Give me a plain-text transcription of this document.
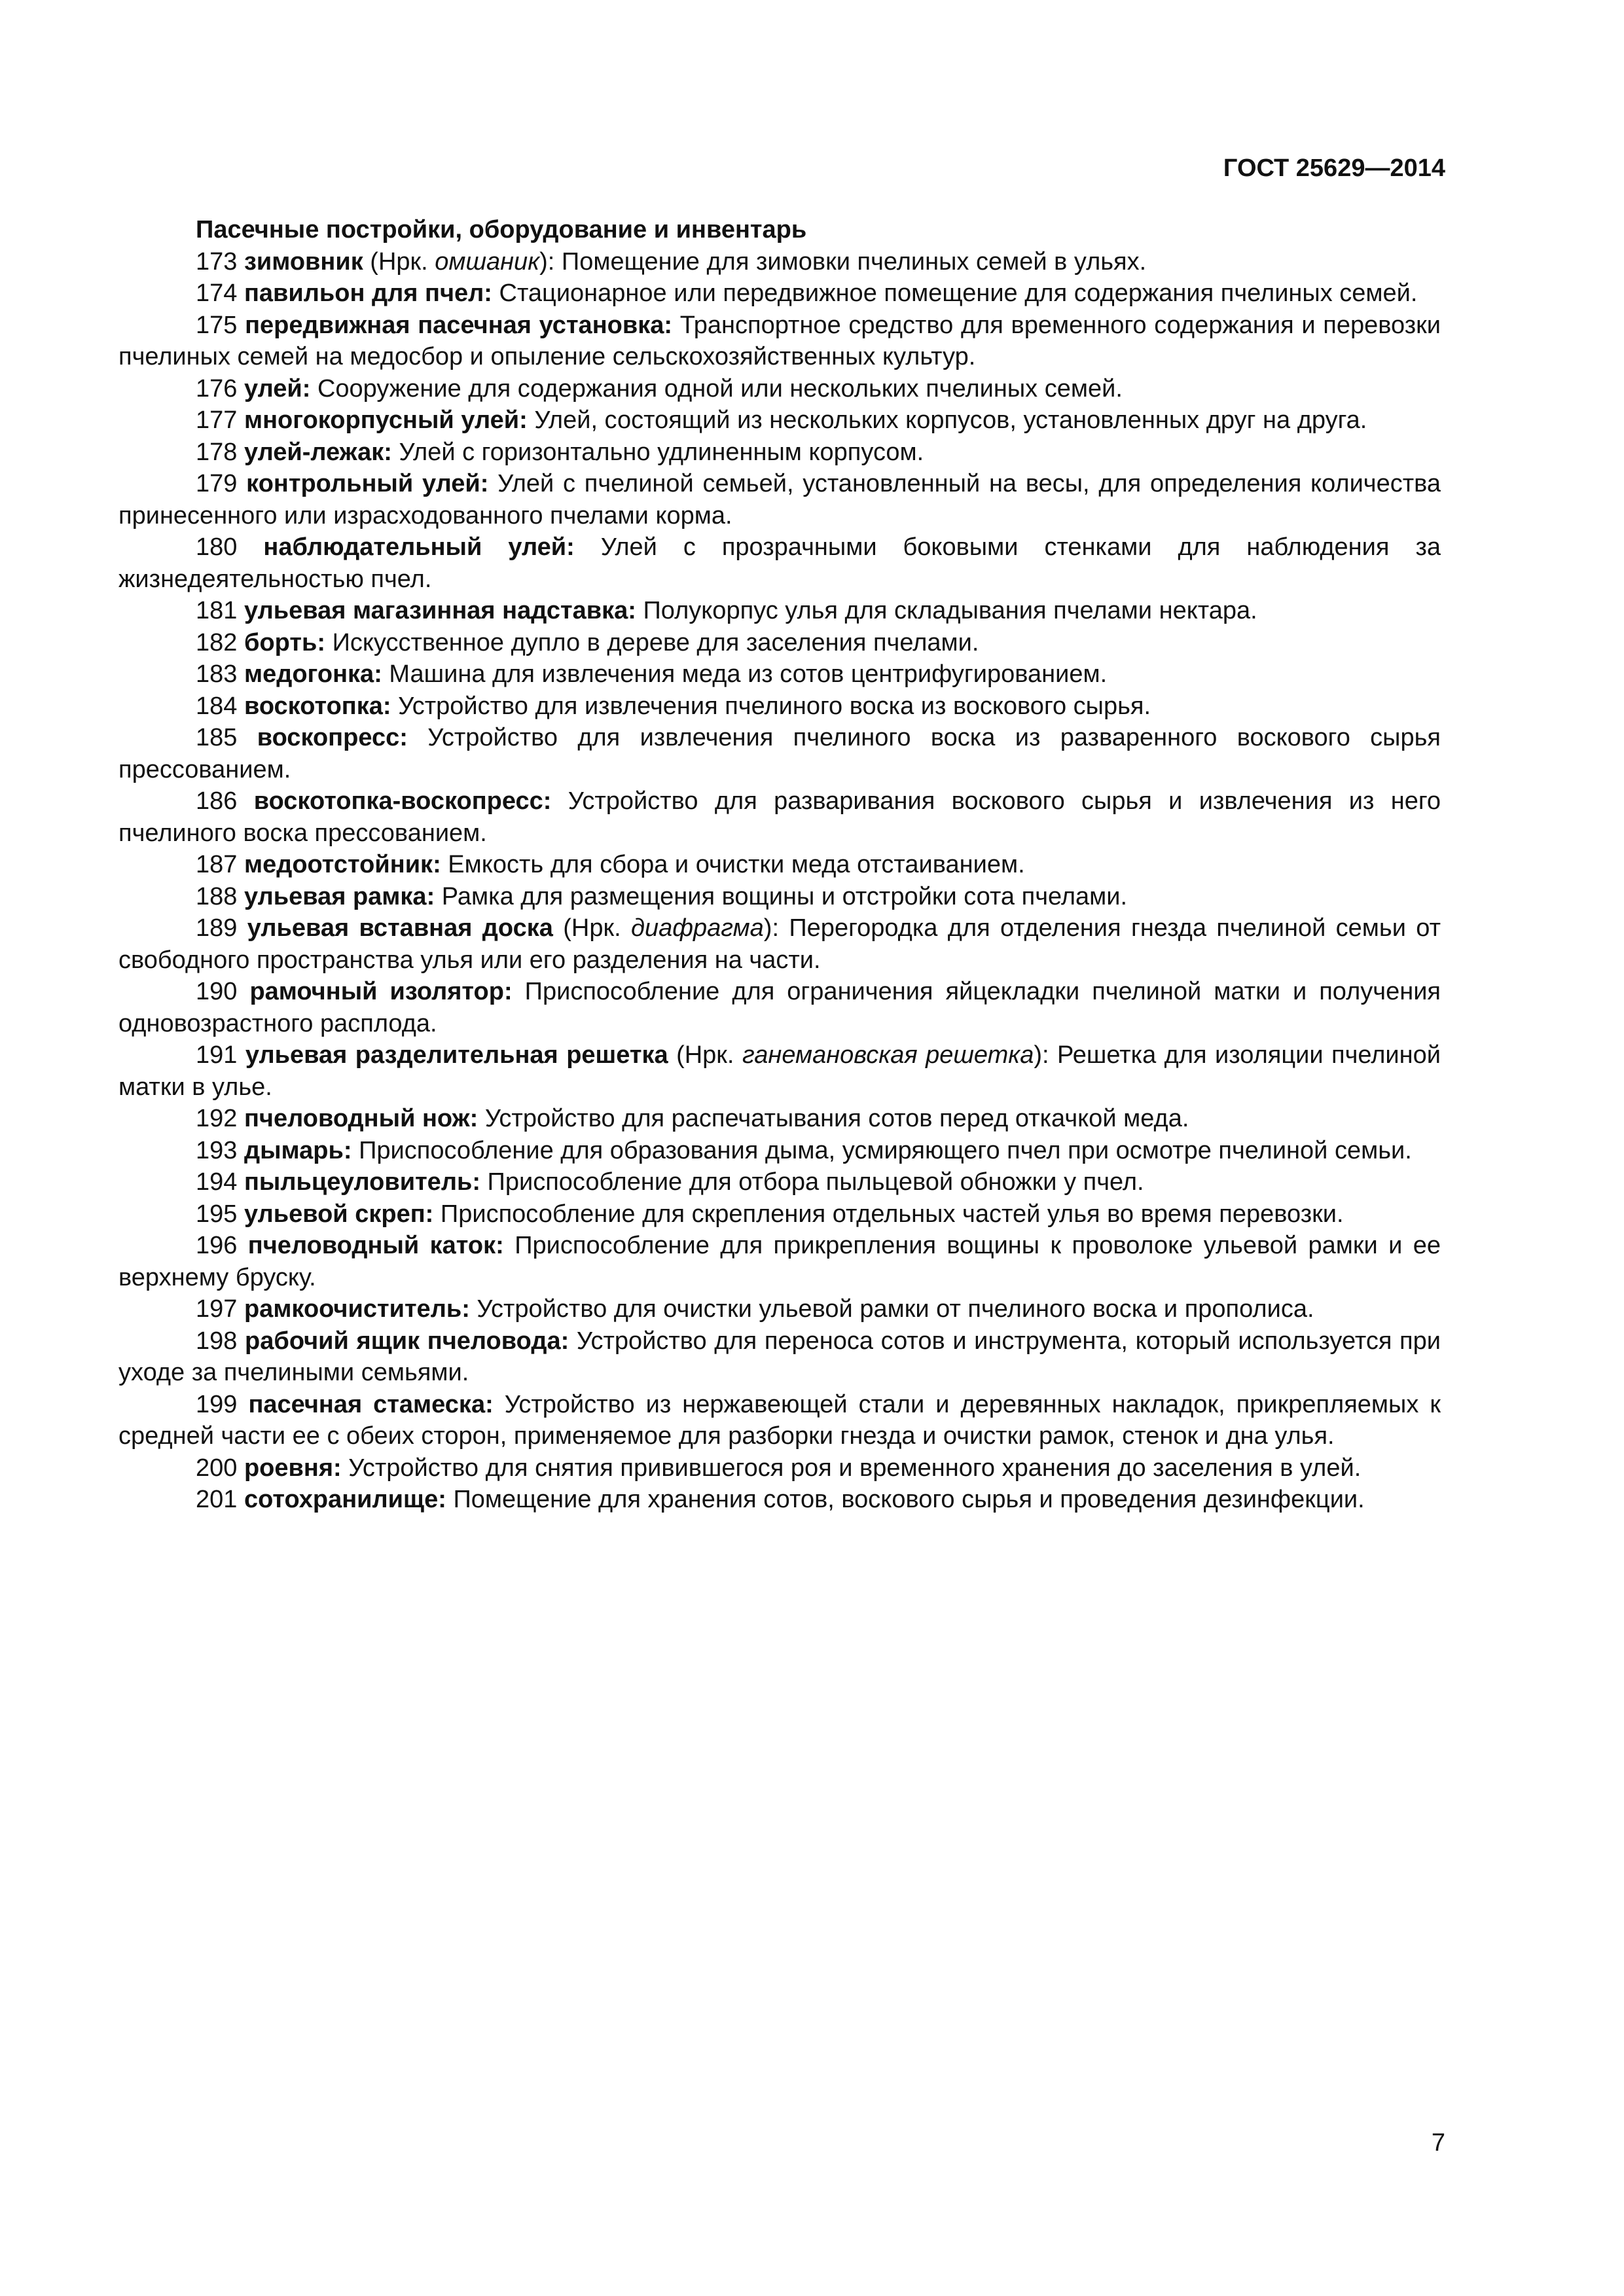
ГОСТ 25629—2014

Пасечные постройки, оборудование и инвентарь

173 зимовник (Нрк. омшаник): Помещение для зимовки пчелиных семей в ульях.

174 павильон для пчел: Стационарное или передвижное помещение для содержания пчелиных семей.

175 передвижная пасечная установка: Транспортное средство для временного содержания и перевозки пчелиных семей на медосбор и опыление сельскохозяйственных культур.

176 улей: Сооружение для содержания одной или нескольких пчелиных семей.

177 многокорпусный улей: Улей, состоящий из нескольких корпусов, установленных друг на друга.

178 улей-лежак: Улей с горизонтально удлиненным корпусом.

179 контрольный улей: Улей с пчелиной семьей, установленный на весы, для определения количества принесенного или израсходованного пчелами корма.

180 наблюдательный улей: Улей с прозрачными боковыми стенками для наблюдения за жизнедеятельностью пчел.

181 ульевая магазинная надставка: Полукорпус улья для складывания пчелами нектара.

182 борть: Искусственное дупло в дереве для заселения пчелами.

183 медогонка: Машина для извлечения меда из сотов центрифугированием.

184 воскотопка: Устройство для извлечения пчелиного воска из воскового сырья.

185 воскопресс: Устройство для извлечения пчелиного воска из разваренного воскового сырья прессованием.

186 воскотопка-воскопресс: Устройство для разваривания воскового сырья и извлечения из него пчелиного воска прессованием.

187 медоотстойник: Емкость для сбора и очистки меда отстаиванием.

188 ульевая рамка: Рамка для размещения вощины и отстройки сота пчелами.

189 ульевая вставная доска (Нрк. диафрагма): Перегородка для отделения гнезда пчелиной семьи от свободного пространства улья или его разделения на части.

190 рамочный изолятор: Приспособление для ограничения яйцекладки пчелиной матки и получения одновозрастного расплода.

191 ульевая разделительная решетка (Нрк. ганемановская решетка): Решетка для изоляции пчелиной матки в улье.

192 пчеловодный нож: Устройство для распечатывания сотов перед откачкой меда.

193 дымарь: Приспособление для образования дыма, усмиряющего пчел при осмотре пчелиной семьи.

194 пыльцеуловитель: Приспособление для отбора пыльцевой обножки у пчел.

195 ульевой скреп: Приспособление для скрепления отдельных частей улья во время перевозки.

196 пчеловодный каток: Приспособление для прикрепления вощины к проволоке ульевой рамки и ее верхнему бруску.

197 рамкоочиститель: Устройство для очистки ульевой рамки от пчелиного воска и прополиса.

198 рабочий ящик пчеловода: Устройство для переноса сотов и инструмента, который используется при уходе за пчелиными семьями.

199 пасечная стамеска: Устройство из нержавеющей стали и деревянных накладок, прикрепляемых к средней части ее с обеих сторон, применяемое для разборки гнезда и очистки рамок, стенок и дна улья.

200 роевня: Устройство для снятия привившегося роя и временного хранения до заселения в улей.

201 сотохранилище: Помещение для хранения сотов, воскового сырья и проведения дезинфекции.

7
